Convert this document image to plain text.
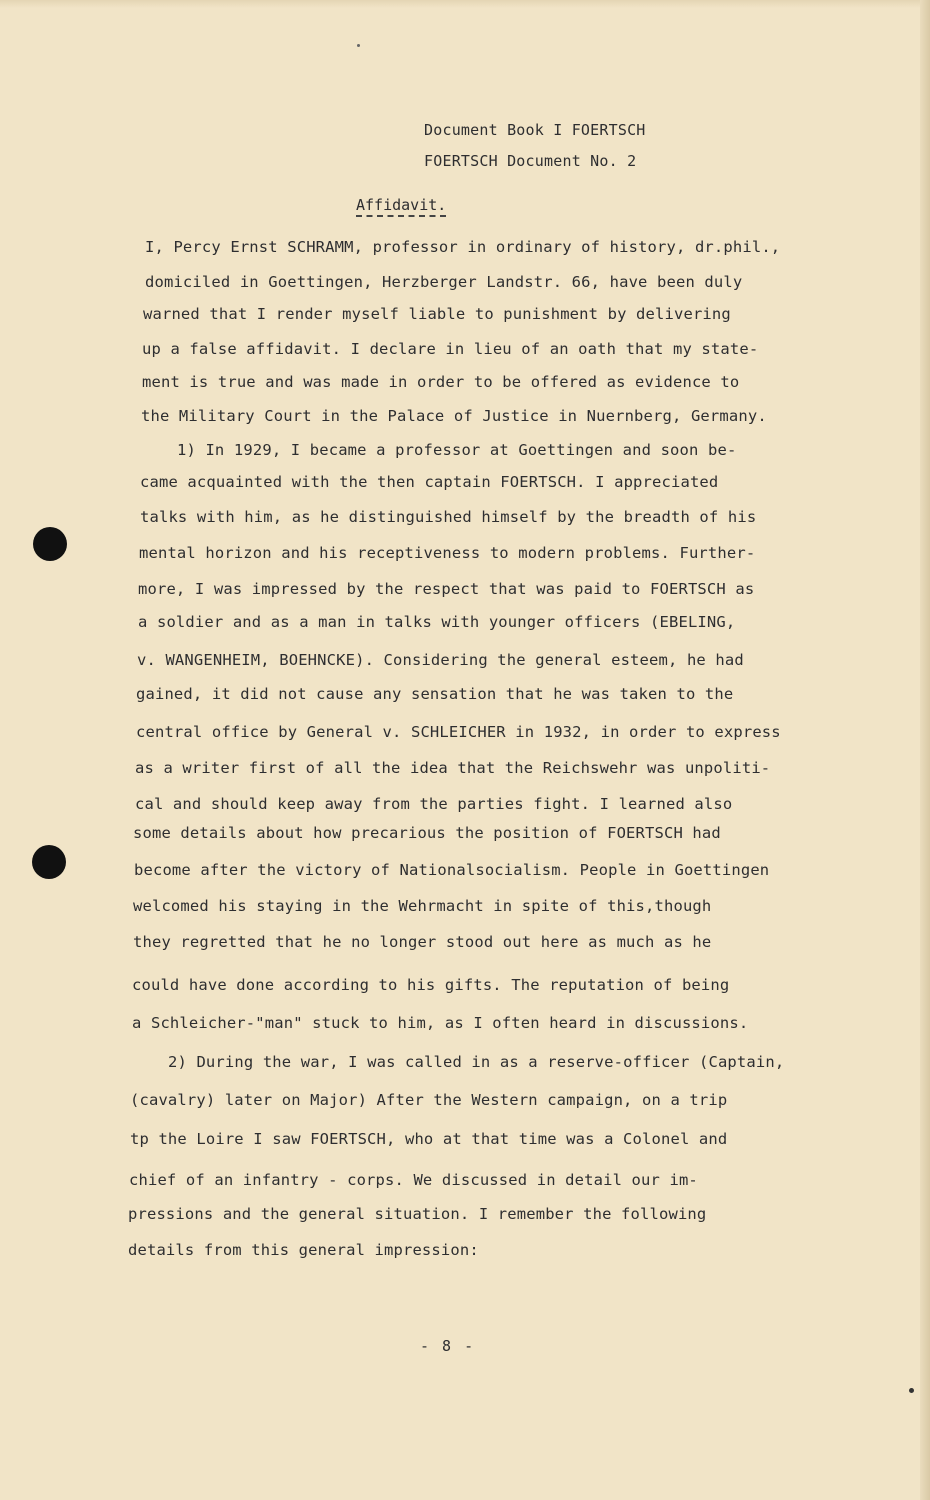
Document Book I FOERTSCH
FOERTSCH Document No. 2
Affidavit.
I, Percy Ernst SCHRAMM, professor in ordinary of history, dr.phil.,
domiciled in Goettingen, Herzberger Landstr. 66, have been duly
warned that I render myself liable to punishment by delivering
up a false affidavit. I declare in lieu of an oath that my state-
ment is true and was made in order to be offered as evidence to
the Military Court in the Palace of Justice in Nuernberg, Germany.
1) In 1929, I became a professor at Goettingen and soon be-
came acquainted with the then captain FOERTSCH. I appreciated
talks with him, as he distinguished himself by the breadth of his
mental horizon and his receptiveness to modern problems. Further-
more, I was impressed by the respect that was paid to FOERTSCH as
a soldier and as a man in talks with younger officers (EBELING,
v. WANGENHEIM, BOEHNCKE). Considering the general esteem, he had
gained, it did not cause any sensation that he was taken to the
central office by General v. SCHLEICHER in 1932, in order to express
as a writer first of all the idea that the Reichswehr was unpoliti-
cal and should keep away from the parties fight. I learned also
some details about how precarious the position of FOERTSCH had
become after the victory of Nationalsocialism. People in Goettingen
welcomed his staying in the Wehrmacht in spite of this,though
they regretted that he no longer stood out here as much as he
could have done according to his gifts. The reputation of being
a Schleicher-"man" stuck to him, as I often heard in discussions.
2) During the war, I was called in as a reserve-officer (Captain,
(cavalry) later on Major) After the Western campaign, on a trip
tp the Loire I saw FOERTSCH, who at that time was a Colonel and
chief of an infantry - corps. We discussed in detail our im-
pressions and the general situation. I remember the following
details from this general impression:
- 8 -
